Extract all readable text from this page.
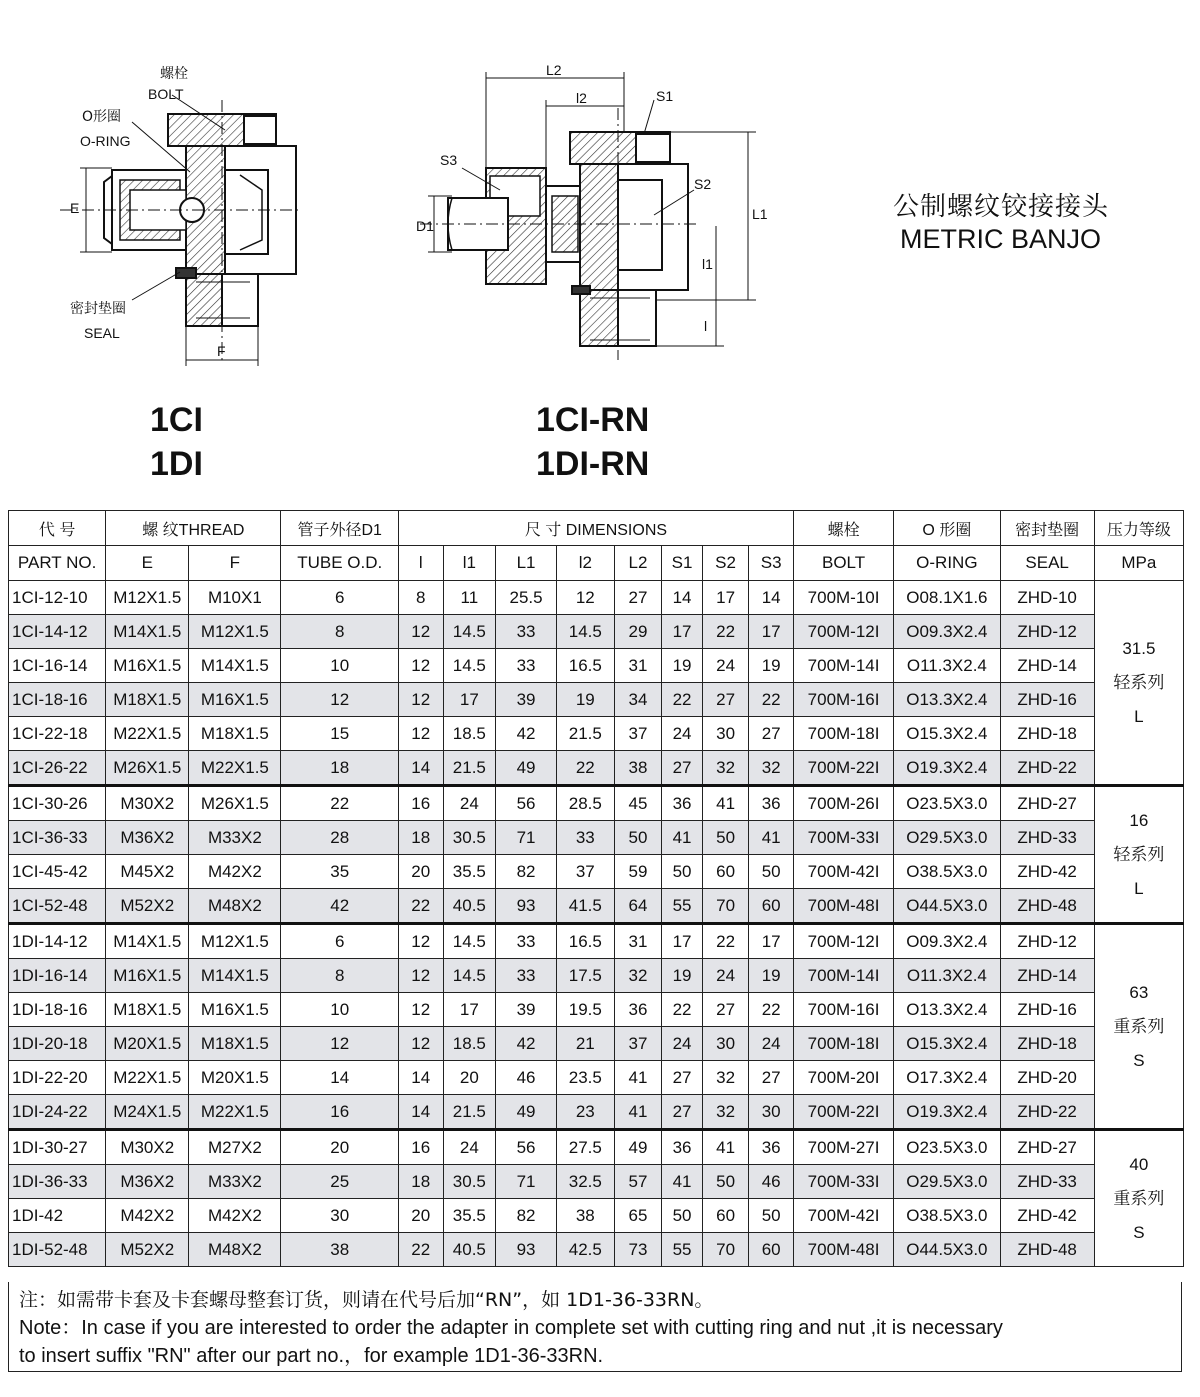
螺栓
BOLT
O形圈
O-RING
密封垫圈
SEAL
E
F
L2
l2	S1
S2
S3
D1
L1
l1
l
公制螺纹铰接接头
METRIC BANJO
1CI
1DI
1CI-RN
1DI-RN
代 号	螺 纹THREAD		管子外径D1	尺 寸 DIMENSIONS								螺栓	O 形圈	密封垫圈	压力等级
PART NO.	E	F	TUBE O.D.	l	l1	L1	l2	L2	S1	S2	S3	BOLT	O-RING	SEAL	MPa
1CI-12-10	M12X1.5	M10X1	6	8	11	25.5	12	27	14	17	14	700M-10I	O08.1X1.6	ZHD-10	31.5
轻系列
L

1CI-14-12	M14X1.5	M12X1.5	8	12	14.5	33	14.5	29	17	22	17	700M-12I	O09.3X2.4	ZHD-12	
1CI-16-14	M16X1.5	M14X1.5	10	12	14.5	33	16.5	31	19	24	19	700M-14I	O11.3X2.4	ZHD-14	
1CI-18-16	M18X1.5	M16X1.5	12	12	17	39	19	34	22	27	22	700M-16I	O13.3X2.4	ZHD-16	
1CI-22-18	M22X1.5	M18X1.5	15	12	18.5	42	21.5	37	24	30	27	700M-18I	O15.3X2.4	ZHD-18	
1CI-26-22	M26X1.5	M22X1.5	18	14	21.5	49	22	38	27	32	32	700M-22I	O19.3X2.4	ZHD-22	
1CI-30-26	M30X2	M26X1.5	22	16	24	56	28.5	45	36	41	36	700M-26I	O23.5X3.0	ZHD-27	16
轻系列
L

1CI-36-33	M36X2	M33X2	28	18	30.5	71	33	50	41	50	41	700M-33I	O29.5X3.0	ZHD-33	
1CI-45-42	M45X2	M42X2	35	20	35.5	82	37	59	50	60	50	700M-42I	O38.5X3.0	ZHD-42	
1CI-52-48	M52X2	M48X2	42	22	40.5	93	41.5	64	55	70	60	700M-48I	O44.5X3.0	ZHD-48	
1DI-14-12	M14X1.5	M12X1.5	6	12	14.5	33	16.5	31	17	22	17	700M-12I	O09.3X2.4	ZHD-12	63
重系列
S

1DI-16-14	M16X1.5	M14X1.5	8	12	14.5	33	17.5	32	19	24	19	700M-14I	O11.3X2.4	ZHD-14	
1DI-18-16	M18X1.5	M16X1.5	10	12	17	39	19.5	36	22	27	22	700M-16I	O13.3X2.4	ZHD-16	
1DI-20-18	M20X1.5	M18X1.5	12	12	18.5	42	21	37	24	30	24	700M-18I	O15.3X2.4	ZHD-18	
1DI-22-20	M22X1.5	M20X1.5	14	14	20	46	23.5	41	27	32	27	700M-20I	O17.3X2.4	ZHD-20	
1DI-24-22	M24X1.5	M22X1.5	16	14	21.5	49	23	41	27	32	30	700M-22I	O19.3X2.4	ZHD-22	
1DI-30-27	M30X2	M27X2	20	16	24	56	27.5	49	36	41	36	700M-27I	O23.5X3.0	ZHD-27	40
重系列
S

1DI-36-33	M36X2	M33X2	25	18	30.5	71	32.5	57	41	50	46	700M-33I	O29.5X3.0	ZHD-33	
1DI-42	M42X2	M42X2	30	20	35.5	82	38	65	50	60	50	700M-42I	O38.5X3.0	ZHD-42	
1DI-52-48	M52X2	M48X2	38	22	40.5	93	42.5	73	55	70	60	700M-48I	O44.5X3.0	ZHD-48	
注：如需带卡套及卡套螺母整套订货，则请在代号后加“RN”，如 1D1-36-33RN。
Note：In case if you are interested to order the adapter in complete set with cutting ring and nut ,it is necessary
to insert suffix "RN" after our part no.，for example 1D1-36-33RN.
